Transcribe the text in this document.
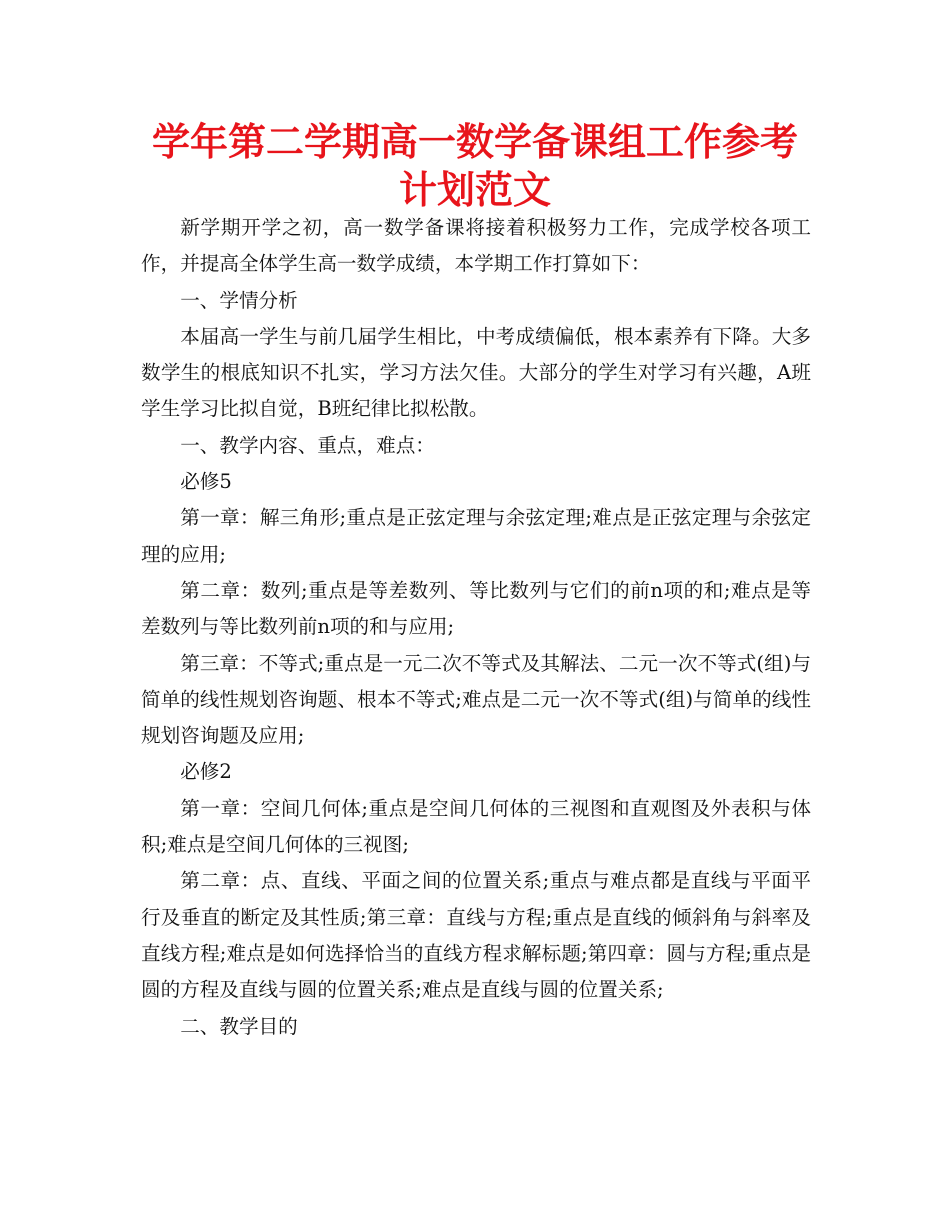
学年第二学期高一数学备课组工作参考计划范文

新学期开学之初，高一数学备课将接着积极努力工作，完成学校各项工作，并提高全体学生高一数学成绩，本学期工作打算如下：

一、学情分析

本届高一学生与前几届学生相比，中考成绩偏低，根本素养有下降。大多数学生的根底知识不扎实，学习方法欠佳。大部分的学生对学习有兴趣，A班学生学习比拟自觉，B班纪律比拟松散。

一、教学内容、重点，难点：

必修5

第一章：解三角形;重点是正弦定理与余弦定理;难点是正弦定理与余弦定理的应用;

第二章：数列;重点是等差数列、等比数列与它们的前n项的和;难点是等差数列与等比数列前n项的和与应用;

第三章：不等式;重点是一元二次不等式及其解法、二元一次不等式(组)与简单的线性规划咨询题、根本不等式;难点是二元一次不等式(组)与简单的线性规划咨询题及应用;

必修2

第一章：空间几何体;重点是空间几何体的三视图和直观图及外表积与体积;难点是空间几何体的三视图;

第二章：点、直线、平面之间的位置关系;重点与难点都是直线与平面平行及垂直的断定及其性质;第三章：直线与方程;重点是直线的倾斜角与斜率及直线方程;难点是如何选择恰当的直线方程求解标题;第四章：圆与方程;重点是圆的方程及直线与圆的位置关系;难点是直线与圆的位置关系;

二、教学目的
